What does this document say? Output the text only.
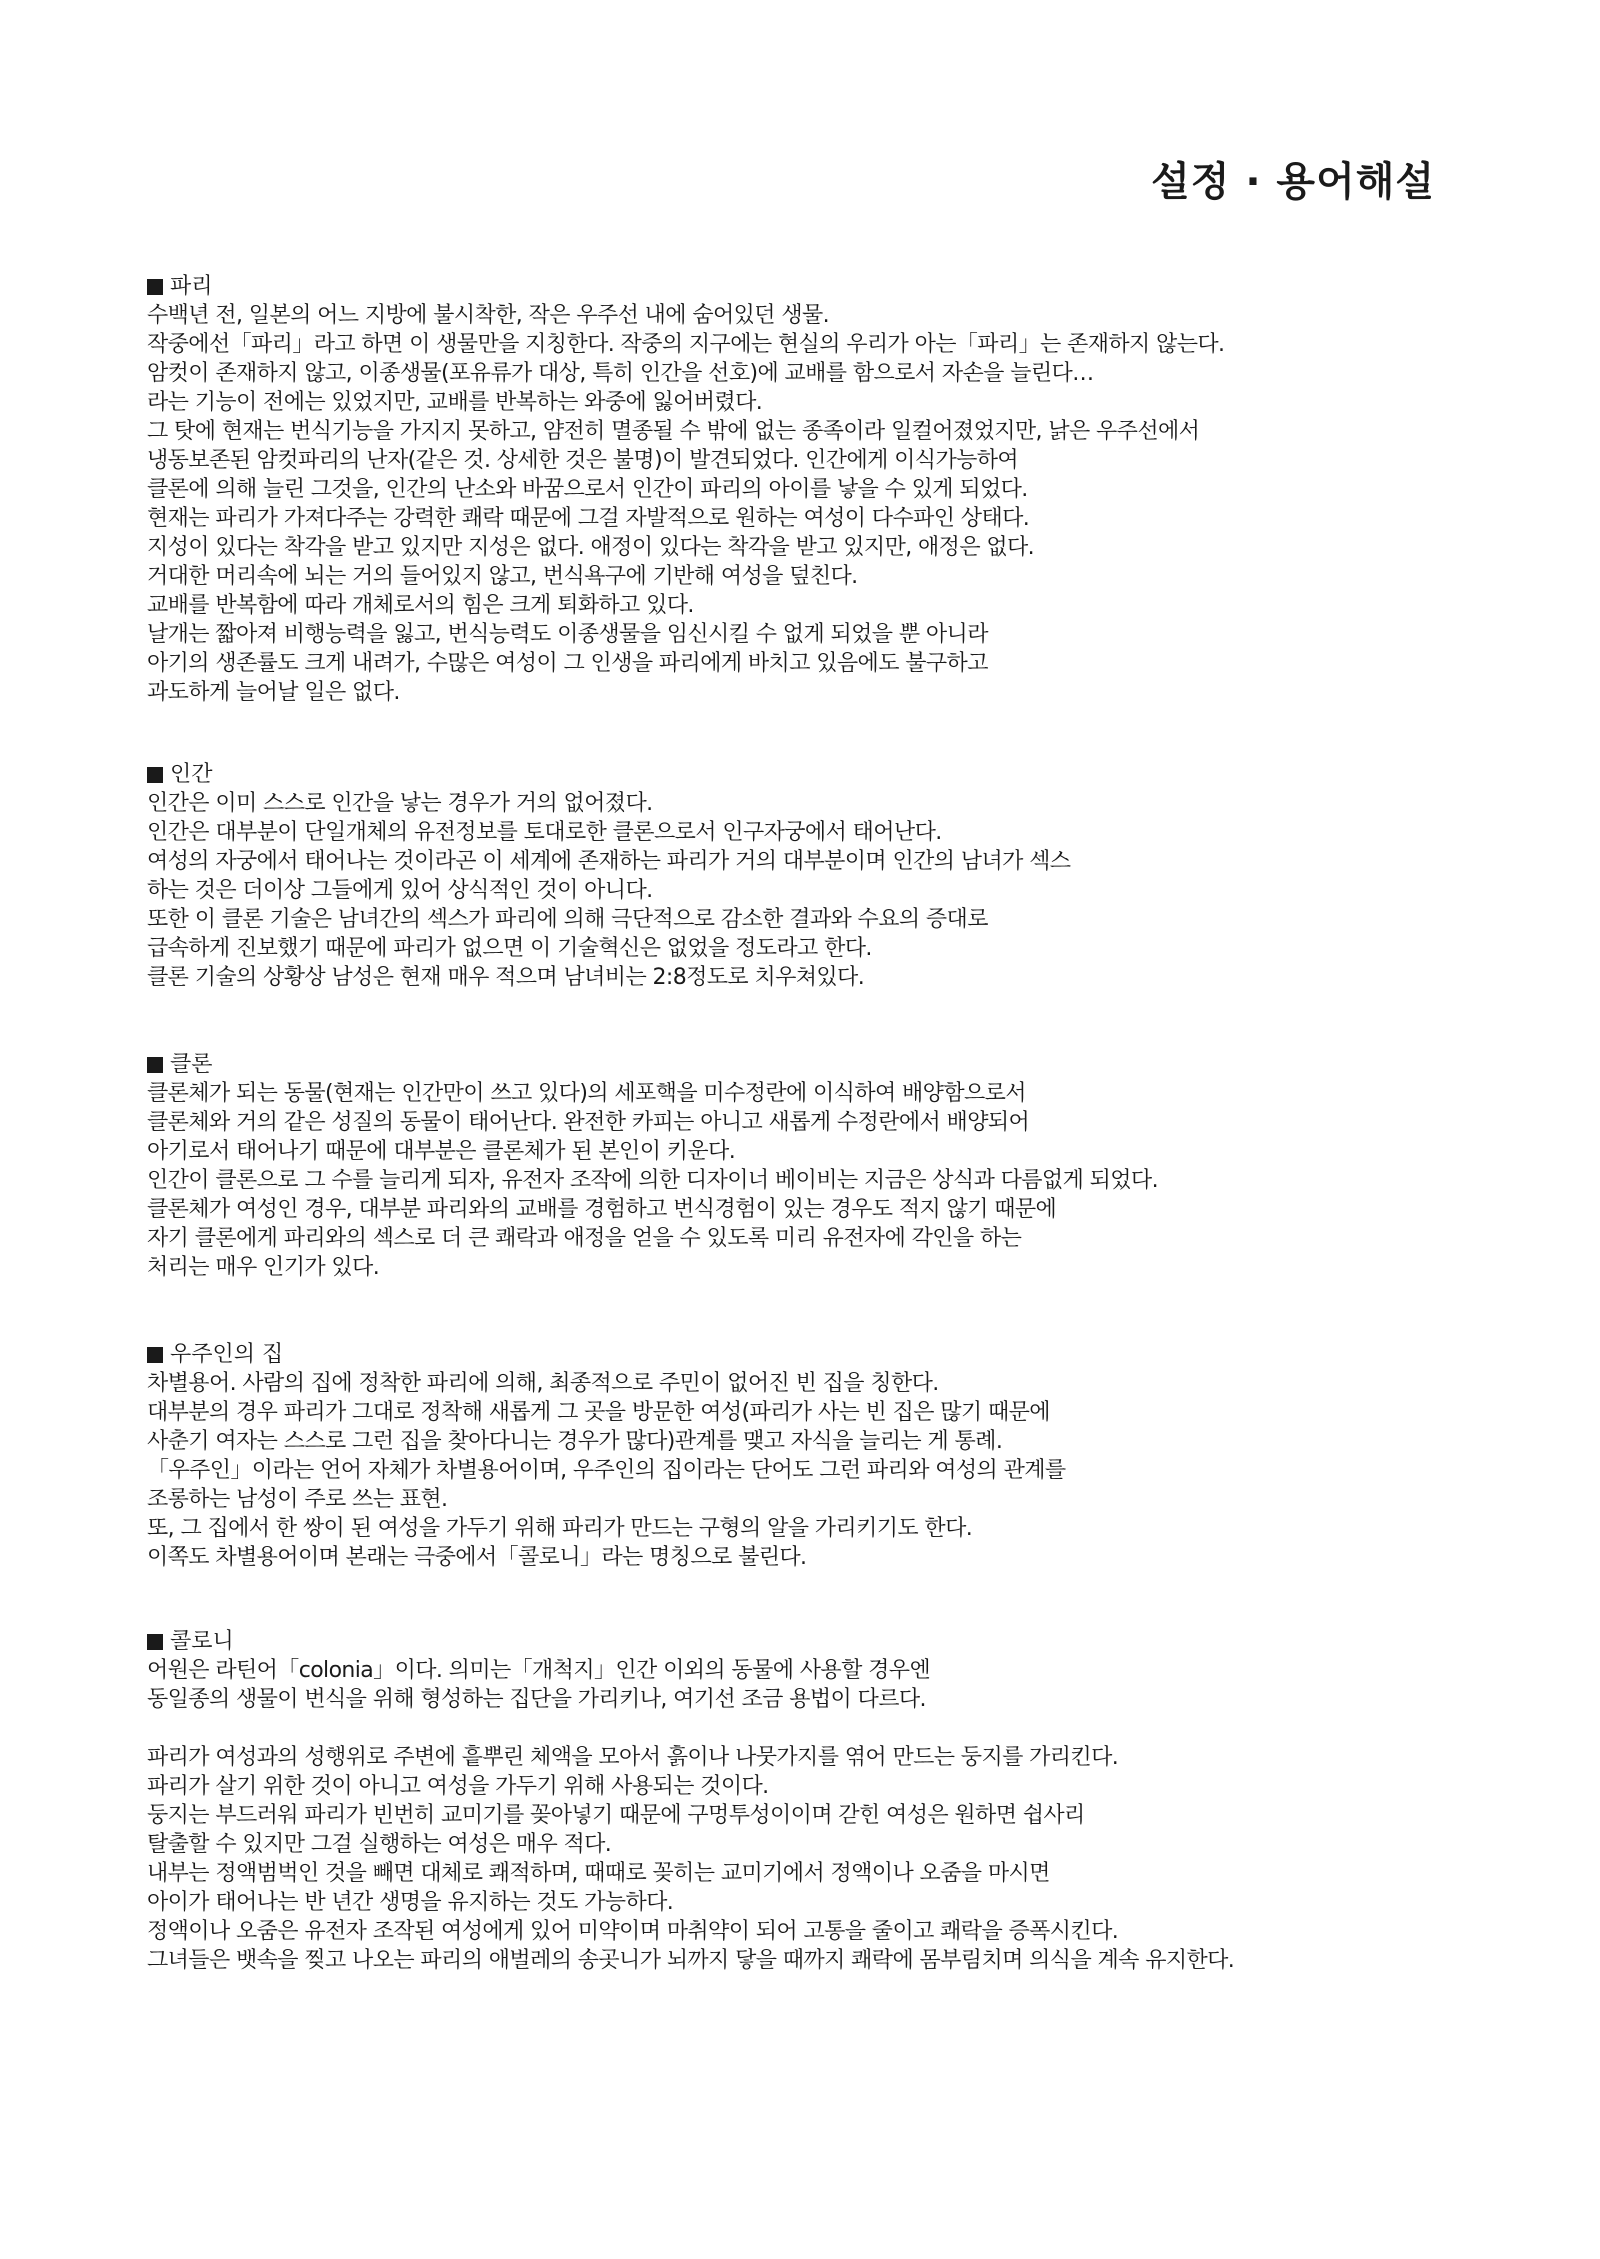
설정 · 용어해설
파리
수백년 전, 일본의 어느 지방에 불시착한, 작은 우주선 내에 숨어있던 생물.
작중에선「파리」라고 하면 이 생물만을 지칭한다. 작중의 지구에는 현실의 우리가 아는「파리」는 존재하지 않는다.
암컷이 존재하지 않고, 이종생물(포유류가 대상, 특히 인간을 선호)에 교배를 함으로서 자손을 늘린다…
라는 기능이 전에는 있었지만, 교배를 반복하는 와중에 잃어버렸다.
그 탓에 현재는 번식기능을 가지지 못하고, 얌전히 멸종될 수 밖에 없는 종족이라 일컬어졌었지만, 낡은 우주선에서
냉동보존된 암컷파리의 난자(같은 것. 상세한 것은 불명)이 발견되었다. 인간에게 이식가능하여
클론에 의해 늘린 그것을, 인간의 난소와 바꿈으로서 인간이 파리의 아이를 낳을 수 있게 되었다.
현재는 파리가 가져다주는 강력한 쾌락 때문에 그걸 자발적으로 원하는 여성이 다수파인 상태다.
지성이 있다는 착각을 받고 있지만 지성은 없다. 애정이 있다는 착각을 받고 있지만, 애정은 없다.
거대한 머리속에 뇌는 거의 들어있지 않고, 번식욕구에 기반해 여성을 덮친다.
교배를 반복함에 따라 개체로서의 힘은 크게 퇴화하고 있다.
날개는 짧아져 비행능력을 잃고, 번식능력도 이종생물을 임신시킬 수 없게 되었을 뿐 아니라
아기의 생존률도 크게 내려가, 수많은 여성이 그 인생을 파리에게 바치고 있음에도 불구하고
과도하게 늘어날 일은 없다.
인간
인간은 이미 스스로 인간을 낳는 경우가 거의 없어졌다.
인간은 대부분이 단일개체의 유전정보를 토대로한 클론으로서 인구자궁에서 태어난다.
여성의 자궁에서 태어나는 것이라곤 이 세계에 존재하는 파리가 거의 대부분이며 인간의 남녀가 섹스
하는 것은 더이상 그들에게 있어 상식적인 것이 아니다.
또한 이 클론 기술은 남녀간의 섹스가 파리에 의해 극단적으로 감소한 결과와 수요의 증대로
급속하게 진보했기 때문에 파리가 없으면 이 기술혁신은 없었을 정도라고 한다.
클론 기술의 상황상 남성은 현재 매우 적으며 남녀비는 2:8정도로 치우쳐있다.
클론
클론체가 되는 동물(현재는 인간만이 쓰고 있다)의 세포핵을 미수정란에 이식하여 배양함으로서
클론체와 거의 같은 성질의 동물이 태어난다. 완전한 카피는 아니고 새롭게 수정란에서 배양되어
아기로서 태어나기 때문에 대부분은 클론체가 된 본인이 키운다.
인간이 클론으로 그 수를 늘리게 되자, 유전자 조작에 의한 디자이너 베이비는 지금은 상식과 다름없게 되었다.
클론체가 여성인 경우, 대부분 파리와의 교배를 경험하고 번식경험이 있는 경우도 적지 않기 때문에
자기 클론에게 파리와의 섹스로 더 큰 쾌락과 애정을 얻을 수 있도록 미리 유전자에 각인을 하는
처리는 매우 인기가 있다.
우주인의 집
차별용어. 사람의 집에 정착한 파리에 의해, 최종적으로 주민이 없어진 빈 집을 칭한다.
대부분의 경우 파리가 그대로 정착해 새롭게 그 곳을 방문한 여성(파리가 사는 빈 집은 많기 때문에
사춘기 여자는 스스로 그런 집을 찾아다니는 경우가 많다)관계를 맺고 자식을 늘리는 게 통례.
「우주인」이라는 언어 자체가 차별용어이며, 우주인의 집이라는 단어도 그런 파리와 여성의 관계를
조롱하는 남성이 주로 쓰는 표현.
또, 그 집에서 한 쌍이 된 여성을 가두기 위해 파리가 만드는 구형의 알을 가리키기도 한다.
이쪽도 차별용어이며 본래는 극중에서「콜로니」라는 명칭으로 불린다.
콜로니
어원은 라틴어「colonia」이다. 의미는「개척지」인간 이외의 동물에 사용할 경우엔
동일종의 생물이 번식을 위해 형성하는 집단을 가리키나, 여기선 조금 용법이 다르다.
파리가 여성과의 성행위로 주변에 흩뿌린 체액을 모아서 흙이나 나뭇가지를 엮어 만드는 둥지를 가리킨다.
파리가 살기 위한 것이 아니고 여성을 가두기 위해 사용되는 것이다.
둥지는 부드러워 파리가 빈번히 교미기를 꽂아넣기 때문에 구멍투성이이며 갇힌 여성은 원하면 쉽사리
탈출할 수 있지만 그걸 실행하는 여성은 매우 적다.
내부는 정액범벅인 것을 빼면 대체로 쾌적하며, 때때로 꽂히는 교미기에서 정액이나 오줌을 마시면
아이가 태어나는 반 년간 생명을 유지하는 것도 가능하다.
정액이나 오줌은 유전자 조작된 여성에게 있어 미약이며 마취약이 되어 고통을 줄이고 쾌락을 증폭시킨다.
그녀들은 뱃속을 찢고 나오는 파리의 애벌레의 송곳니가 뇌까지 닿을 때까지 쾌락에 몸부림치며 의식을 계속 유지한다.
